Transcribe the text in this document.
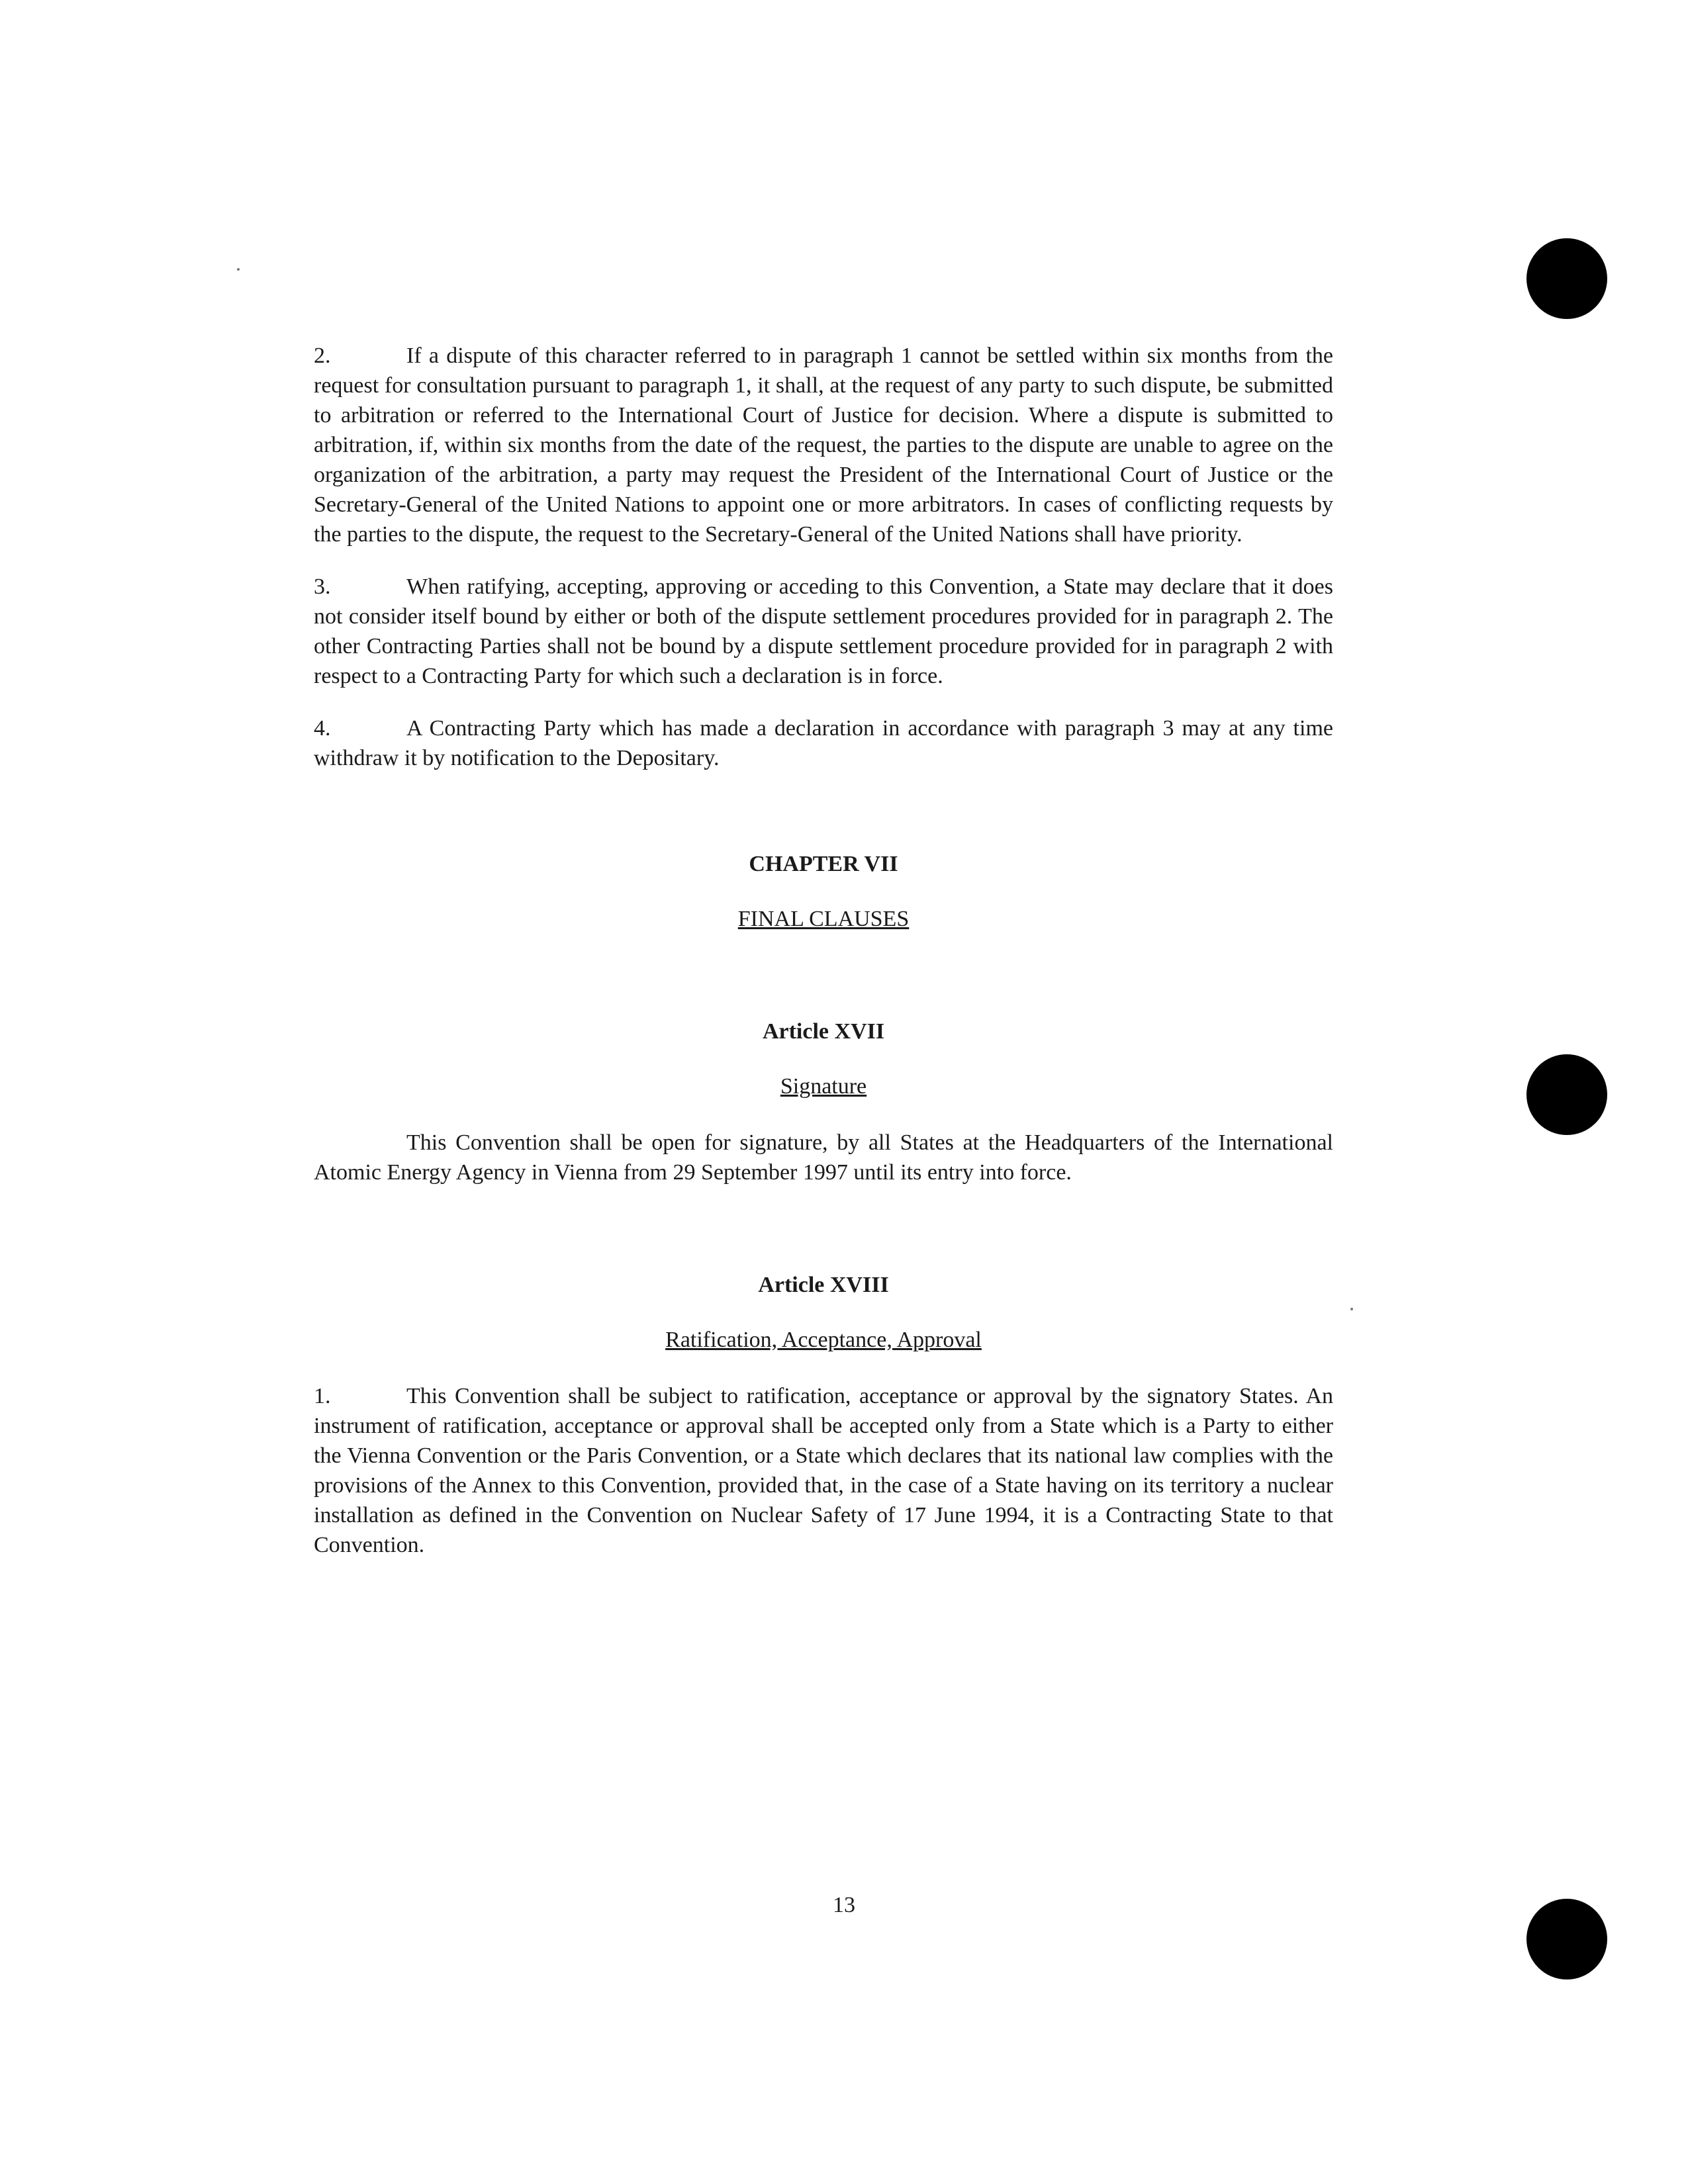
2.	If a dispute of this character referred to in paragraph 1 cannot be settled within six months from the request for consultation pursuant to paragraph 1, it shall, at the request of any party to such dispute, be submitted to arbitration or referred to the International Court of Justice for decision. Where a dispute is submitted to arbitration, if, within six months from the date of the request, the parties to the dispute are unable to agree on the organization of the arbitration, a party may request the President of the International Court of Justice or the Secretary-General of the United Nations to appoint one or more arbitrators. In cases of conflicting requests by the parties to the dispute, the request to the Secretary-General of the United Nations shall have priority.

3.	When ratifying, accepting, approving or acceding to this Convention, a State may declare that it does not consider itself bound by either or both of the dispute settlement procedures provided for in paragraph 2. The other Contracting Parties shall not be bound by a dispute settlement procedure provided for in paragraph 2 with respect to a Contracting Party for which such a declaration is in force.

4.	A Contracting Party which has made a declaration in accordance with paragraph 3 may at any time withdraw it by notification to the Depositary.

CHAPTER VII

FINAL CLAUSES

Article XVII

Signature

This Convention shall be open for signature, by all States at the Headquarters of the International Atomic Energy Agency in Vienna from 29 September 1997 until its entry into force.

Article XVIII

Ratification, Acceptance, Approval

1.	This Convention shall be subject to ratification, acceptance or approval by the signatory States. An instrument of ratification, acceptance or approval shall be accepted only from a State which is a Party to either the Vienna Convention or the Paris Convention, or a State which declares that its national law complies with the provisions of the Annex to this Convention, provided that, in the case of a State having on its territory a nuclear installation as defined in the Convention on Nuclear Safety of 17 June 1994, it is a Contracting State to that Convention.

13
